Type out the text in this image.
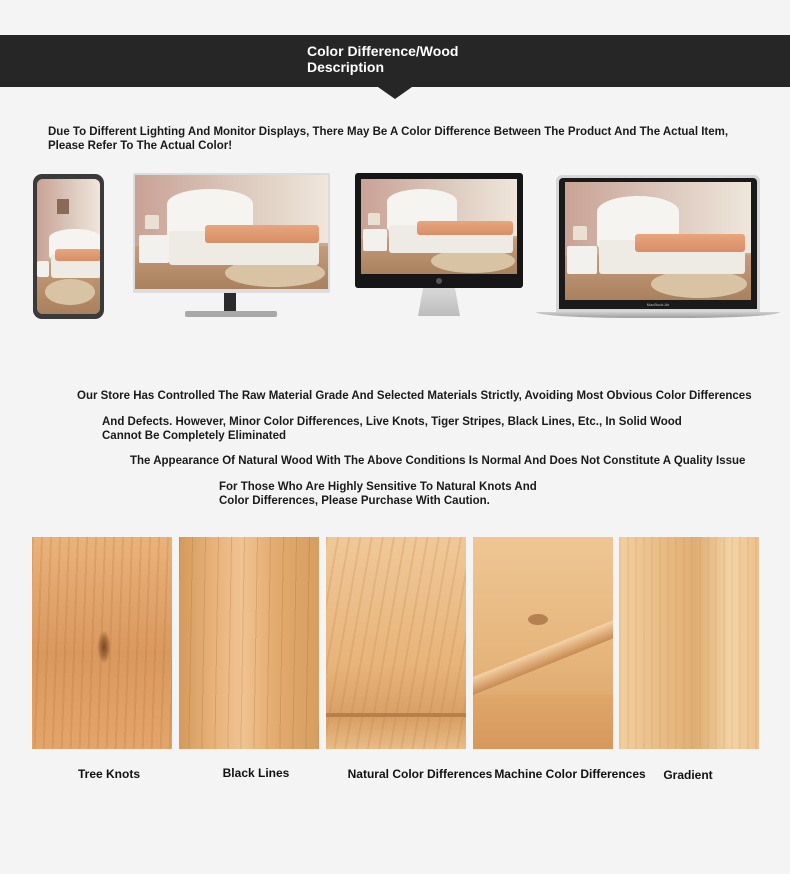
Color Difference/Wood Description
Due To Different Lighting And Monitor Displays, There May Be A Color Difference Between The Product And The Actual Item, Please Refer To The Actual Color!
MacBook Air
Our Store Has Controlled The Raw Material Grade And Selected Materials Strictly, Avoiding Most Obvious Color Differences
And Defects. However, Minor Color Differences, Live Knots, Tiger Stripes, Black Lines, Etc., In Solid Wood Cannot Be Completely Eliminated
The Appearance Of Natural Wood With The Above Conditions Is Normal And Does Not Constitute A Quality Issue
For Those Who Are Highly Sensitive To Natural Knots And Color Differences, Please Purchase With Caution.
Tree Knots	Black Lines	Natural Color Differences Machine Color Differences	Gradient
